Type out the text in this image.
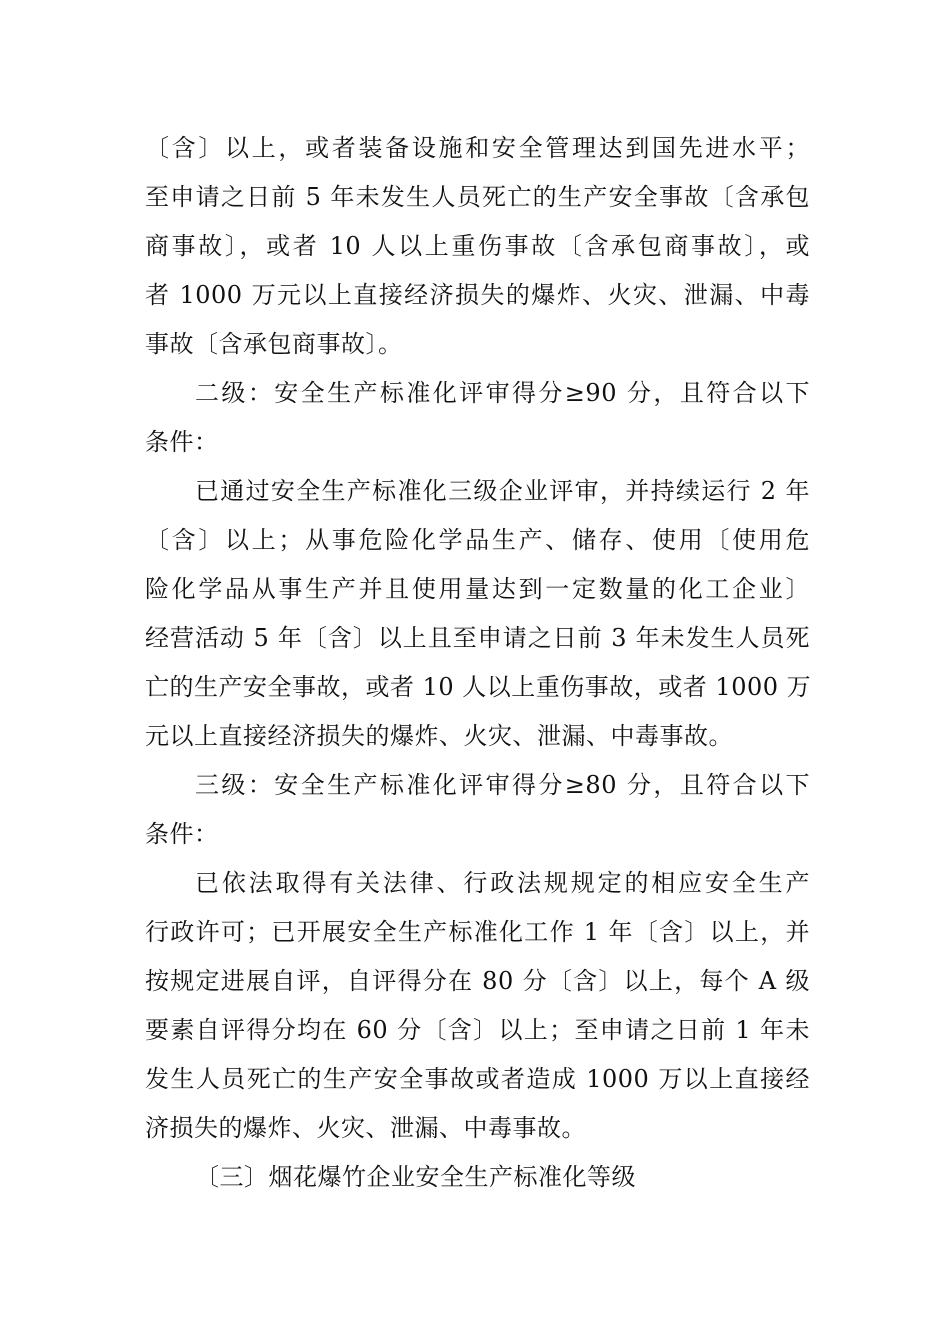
〔含〕以上，或者装备设施和安全管理达到国先进水平；
至申请之日前 5 年未发生人员死亡的生产安全事故〔含承包
商事故〕，或者 10 人以上重伤事故〔含承包商事故〕，或
者 1000 万元以上直接经济损失的爆炸、火灾、泄漏、中毒
事故〔含承包商事故〕。
二级：安全生产标准化评审得分≥90 分，且符合以下
条件：
已通过安全生产标准化三级企业评审，并持续运行 2 年
〔含〕以上；从事危险化学品生产、储存、使用〔使用危
险化学品从事生产并且使用量达到一定数量的化工企业〕
经营活动 5 年〔含〕以上且至申请之日前 3 年未发生人员死
亡的生产安全事故，或者 10 人以上重伤事故，或者 1000 万
元以上直接经济损失的爆炸、火灾、泄漏、中毒事故。
三级：安全生产标准化评审得分≥80 分，且符合以下
条件：
已依法取得有关法律、行政法规规定的相应安全生产
行政许可；已开展安全生产标准化工作 1 年〔含〕以上，并
按规定进展自评，自评得分在 80 分〔含〕以上，每个 A 级
要素自评得分均在 60 分〔含〕以上；至申请之日前 1 年未
发生人员死亡的生产安全事故或者造成 1000 万以上直接经
济损失的爆炸、火灾、泄漏、中毒事故。
〔三〕烟花爆竹企业安全生产标准化等级
